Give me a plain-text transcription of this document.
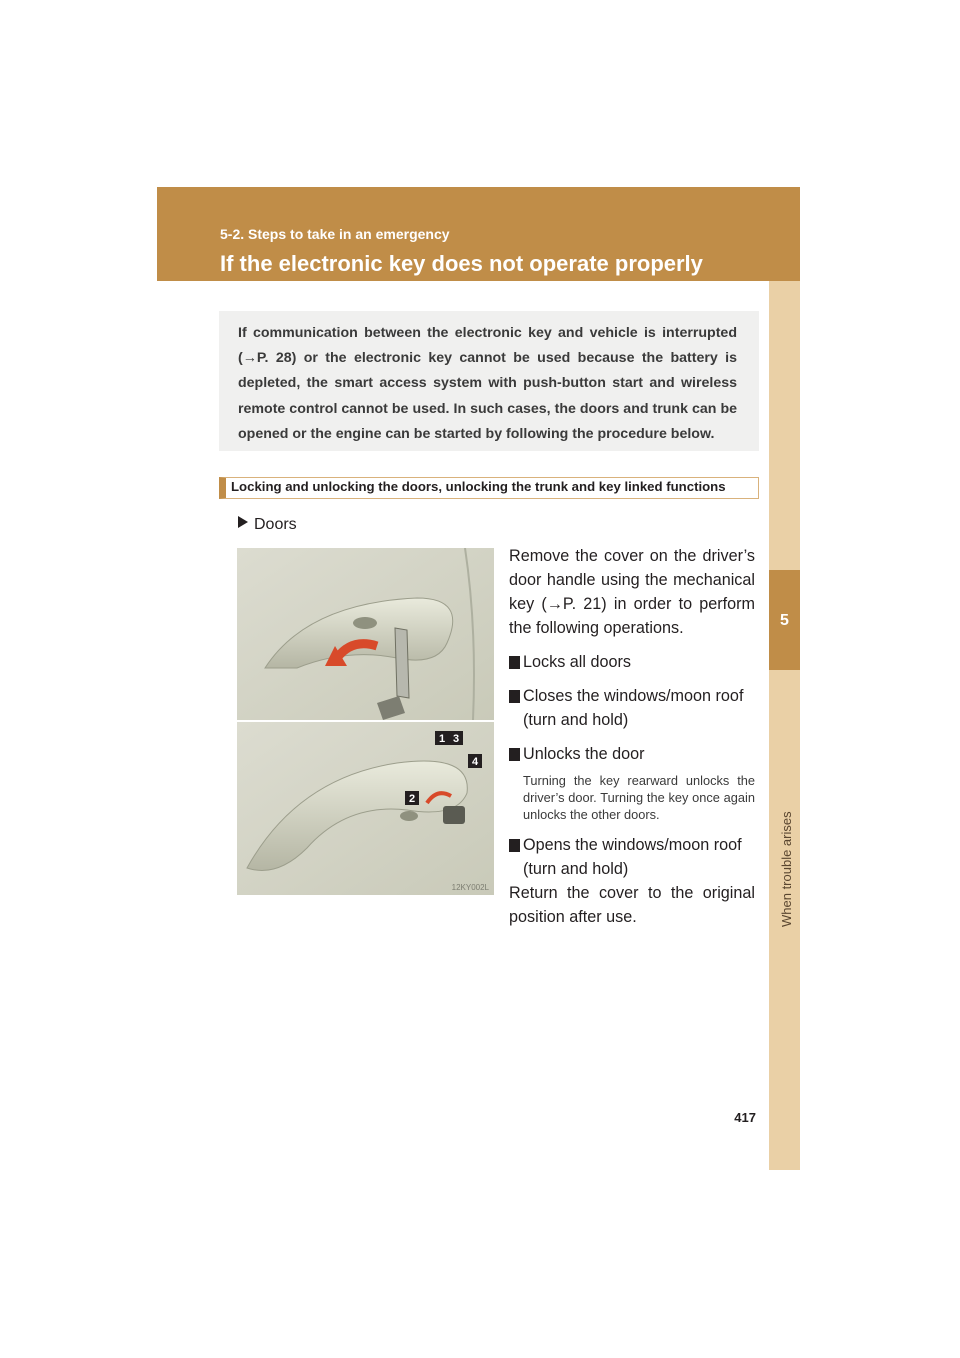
5-2. Steps to take in an emergency
If the electronic key does not operate properly
5
When trouble arises
If communication between the electronic key and vehicle is interrupted (→P. 28) or the electronic key cannot be used because the battery is depleted, the smart access system with push-button start and wireless remote control cannot be used. In such cases, the doors and trunk can be opened or the engine can be started by following the procedure below.
Locking and unlocking the doors, unlocking the trunk and key linked functions
Doors
1
2
3
4
12KY002L

Remove the cover on the driver’s door handle using the mechanical key (→P. 21) in order to perform the following operations.

Locks all doors
Closes the windows/moon roof (turn and hold)
Unlocks the door
Turning the key rearward unlocks the driver’s door. Turning the key once again unlocks the other doors.
Opens the windows/moon roof (turn and hold)

Return the cover to the original position after use.

417
